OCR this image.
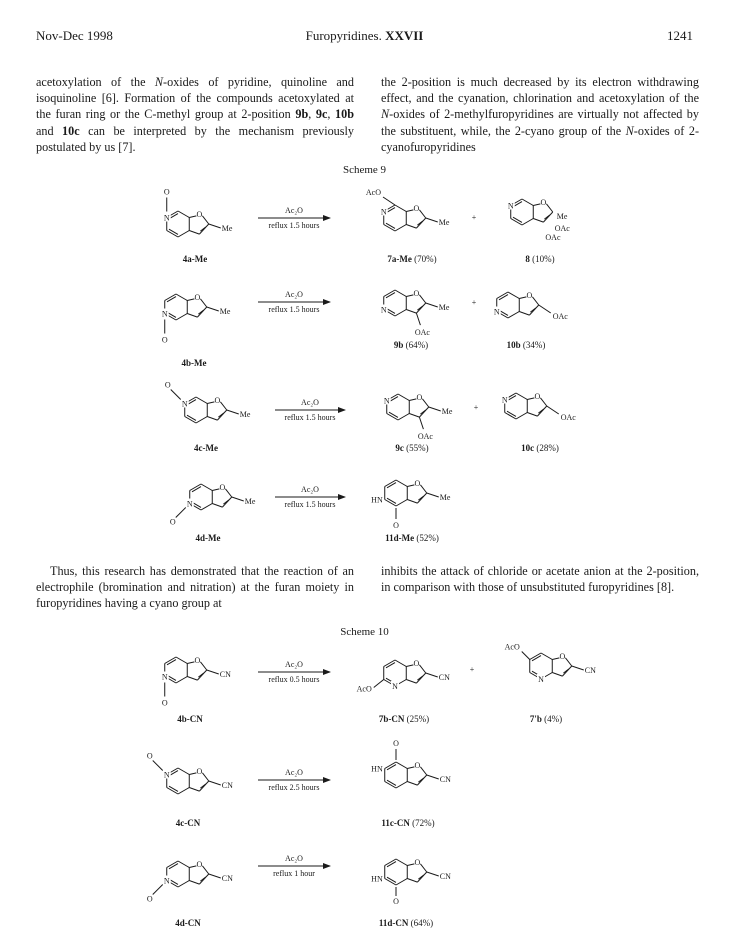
Nov-Dec 1998	Furopyridines. XXVII	1241

acetoxylation of the N-oxides of pyridine, quinoline and isoquinoline [6]. Formation of the compounds acetoxylated at the furan ring or the C-methyl group at 2-position 9b, 9c, 10b and 10c can be interpreted by the mechanism previously postulated by us [7].

the 2-position is much decreased by its electron withdrawing effect, and the cyanation, chlorination and acetoxylation of the N-oxides of 2-methylfuropyridines are virtually not affected by the substituent, while, the 2-cyano group of the N-oxides of 2-cyanofuropyridines

Scheme 9

Thus, this research has demonstrated that the reaction of an electrophile (bromination and nitration) at the furan moiety in furopyridines having a cyano group at

inhibits the attack of chloride or acetate anion at the 2-position, in comparison with those of unsubstituted furopyridines [8].

Scheme 10
O
N
Me
O
4a-Me
Ac₂O
reflux 1.5 hours
O
N
Me
AcO
7a-Me (70%)
+
O
N
Me
OAc
OAc
8 (10%)
O
N	Me
O
4b-Me
Ac₂O
reflux 1.5 hours
O
N	Me
OAc
9b (64%)
+
O
N	OAc
10b (34%)
O
N
Me
O
4c-Me
Ac₂O
reflux 1.5 hours
O
N
Me
OAc
9c (55%)
+
O
N
OAc
10c (28%)
O
N	Me
O
4d-Me
Ac₂O
reflux 1.5 hours
O
HN
O
Me
11d-Me (52%)
O
N	CN
O
4b-CN
Ac₂O
reflux 0.5 hours
O
N
CN
AcO
7b-CN (25%)
+
O
N
CN
AcO
7'b (4%)
O
N
CN
O
4c-CN
Ac₂O
reflux 2.5 hours
O
HN
O
CN
11c-CN (72%)
O
N	CN
O
4d-CN
Ac₂O
reflux 1 hour
O
HN
O
CN
11d-CN (64%)
